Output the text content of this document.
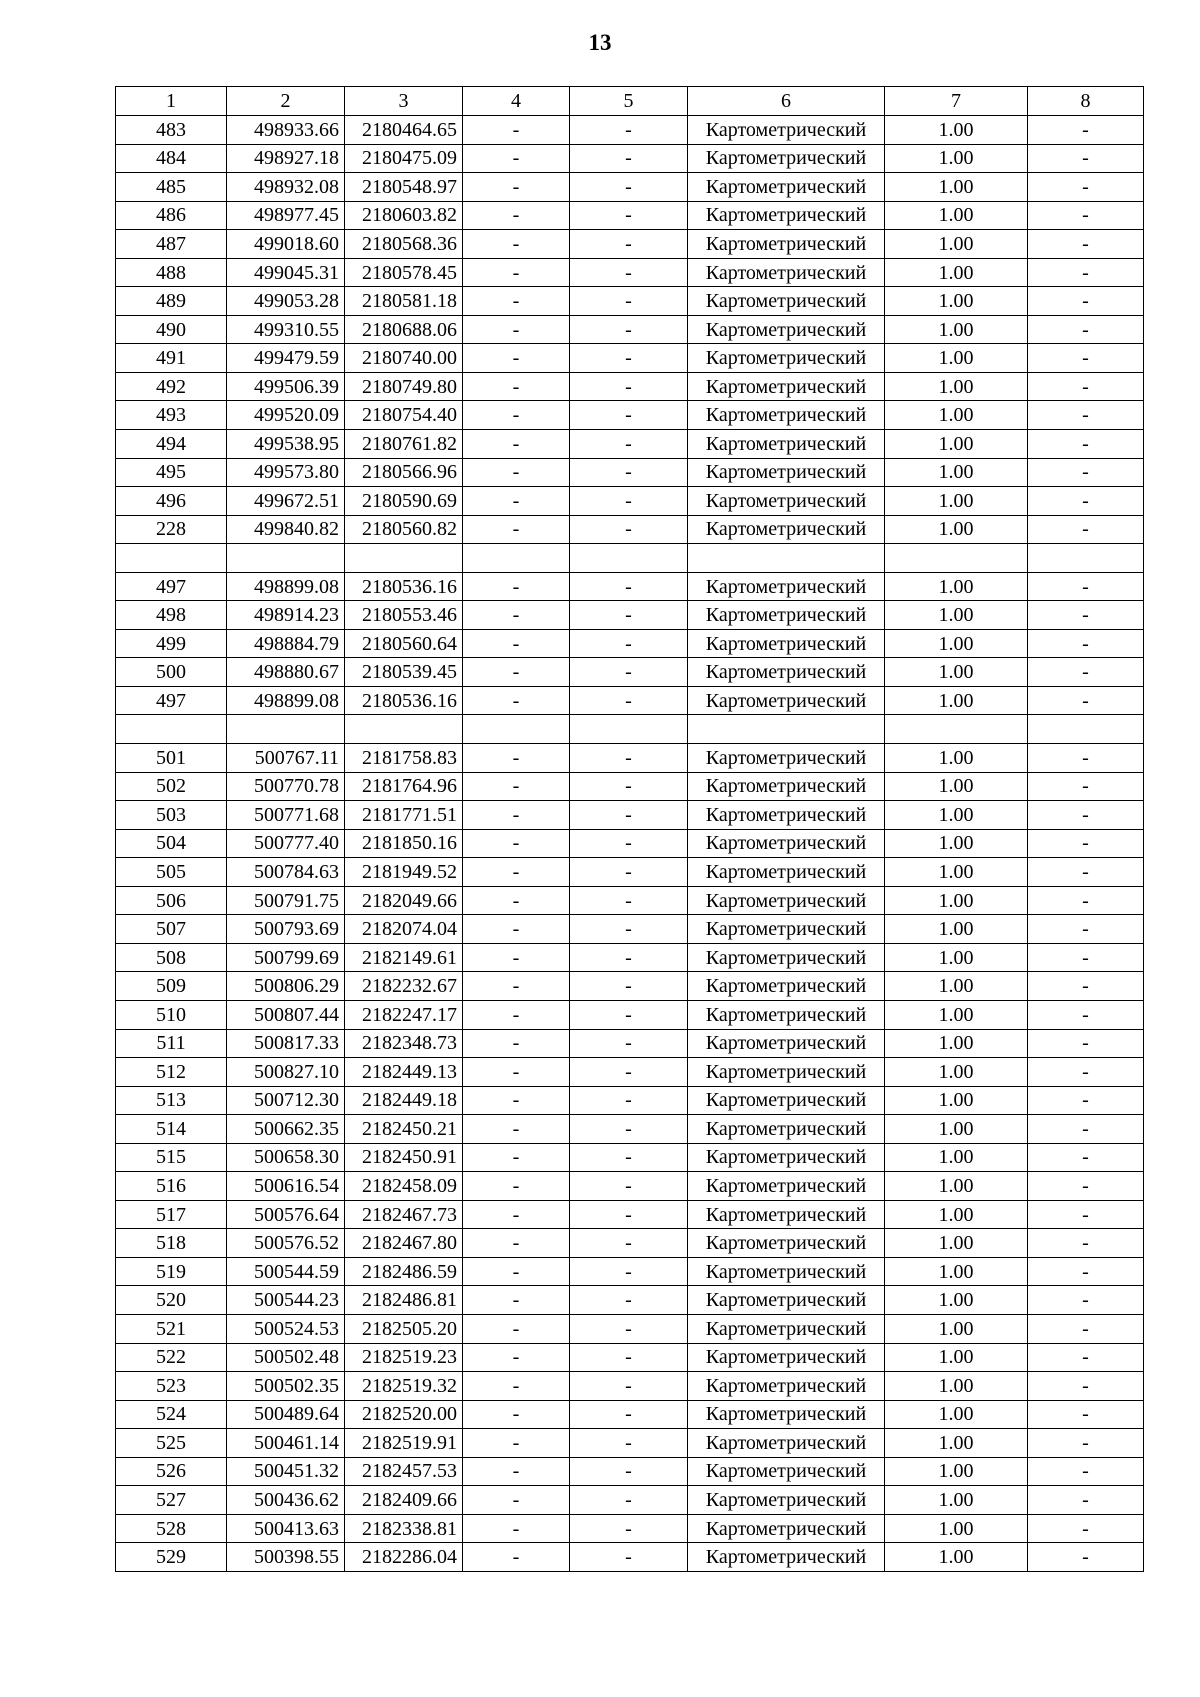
13
1	2	3	4	5	6	7	8
483	498933.66	2180464.65	-	-	Картометрический	1.00	-
484	498927.18	2180475.09	-	-	Картометрический	1.00	-
485	498932.08	2180548.97	-	-	Картометрический	1.00	-
486	498977.45	2180603.82	-	-	Картометрический	1.00	-
487	499018.60	2180568.36	-	-	Картометрический	1.00	-
488	499045.31	2180578.45	-	-	Картометрический	1.00	-
489	499053.28	2180581.18	-	-	Картометрический	1.00	-
490	499310.55	2180688.06	-	-	Картометрический	1.00	-
491	499479.59	2180740.00	-	-	Картометрический	1.00	-
492	499506.39	2180749.80	-	-	Картометрический	1.00	-
493	499520.09	2180754.40	-	-	Картометрический	1.00	-
494	499538.95	2180761.82	-	-	Картометрический	1.00	-
495	499573.80	2180566.96	-	-	Картометрический	1.00	-
496	499672.51	2180590.69	-	-	Картометрический	1.00	-
228	499840.82	2180560.82	-	-	Картометрический	1.00	-

497	498899.08	2180536.16	-	-	Картометрический	1.00	-
498	498914.23	2180553.46	-	-	Картометрический	1.00	-
499	498884.79	2180560.64	-	-	Картометрический	1.00	-
500	498880.67	2180539.45	-	-	Картометрический	1.00	-
497	498899.08	2180536.16	-	-	Картометрический	1.00	-

501	500767.11	2181758.83	-	-	Картометрический	1.00	-
502	500770.78	2181764.96	-	-	Картометрический	1.00	-
503	500771.68	2181771.51	-	-	Картометрический	1.00	-
504	500777.40	2181850.16	-	-	Картометрический	1.00	-
505	500784.63	2181949.52	-	-	Картометрический	1.00	-
506	500791.75	2182049.66	-	-	Картометрический	1.00	-
507	500793.69	2182074.04	-	-	Картометрический	1.00	-
508	500799.69	2182149.61	-	-	Картометрический	1.00	-
509	500806.29	2182232.67	-	-	Картометрический	1.00	-
510	500807.44	2182247.17	-	-	Картометрический	1.00	-
511	500817.33	2182348.73	-	-	Картометрический	1.00	-
512	500827.10	2182449.13	-	-	Картометрический	1.00	-
513	500712.30	2182449.18	-	-	Картометрический	1.00	-
514	500662.35	2182450.21	-	-	Картометрический	1.00	-
515	500658.30	2182450.91	-	-	Картометрический	1.00	-
516	500616.54	2182458.09	-	-	Картометрический	1.00	-
517	500576.64	2182467.73	-	-	Картометрический	1.00	-
518	500576.52	2182467.80	-	-	Картометрический	1.00	-
519	500544.59	2182486.59	-	-	Картометрический	1.00	-
520	500544.23	2182486.81	-	-	Картометрический	1.00	-
521	500524.53	2182505.20	-	-	Картометрический	1.00	-
522	500502.48	2182519.23	-	-	Картометрический	1.00	-
523	500502.35	2182519.32	-	-	Картометрический	1.00	-
524	500489.64	2182520.00	-	-	Картометрический	1.00	-
525	500461.14	2182519.91	-	-	Картометрический	1.00	-
526	500451.32	2182457.53	-	-	Картометрический	1.00	-
527	500436.62	2182409.66	-	-	Картометрический	1.00	-
528	500413.63	2182338.81	-	-	Картометрический	1.00	-
529	500398.55	2182286.04	-	-	Картометрический	1.00	-
